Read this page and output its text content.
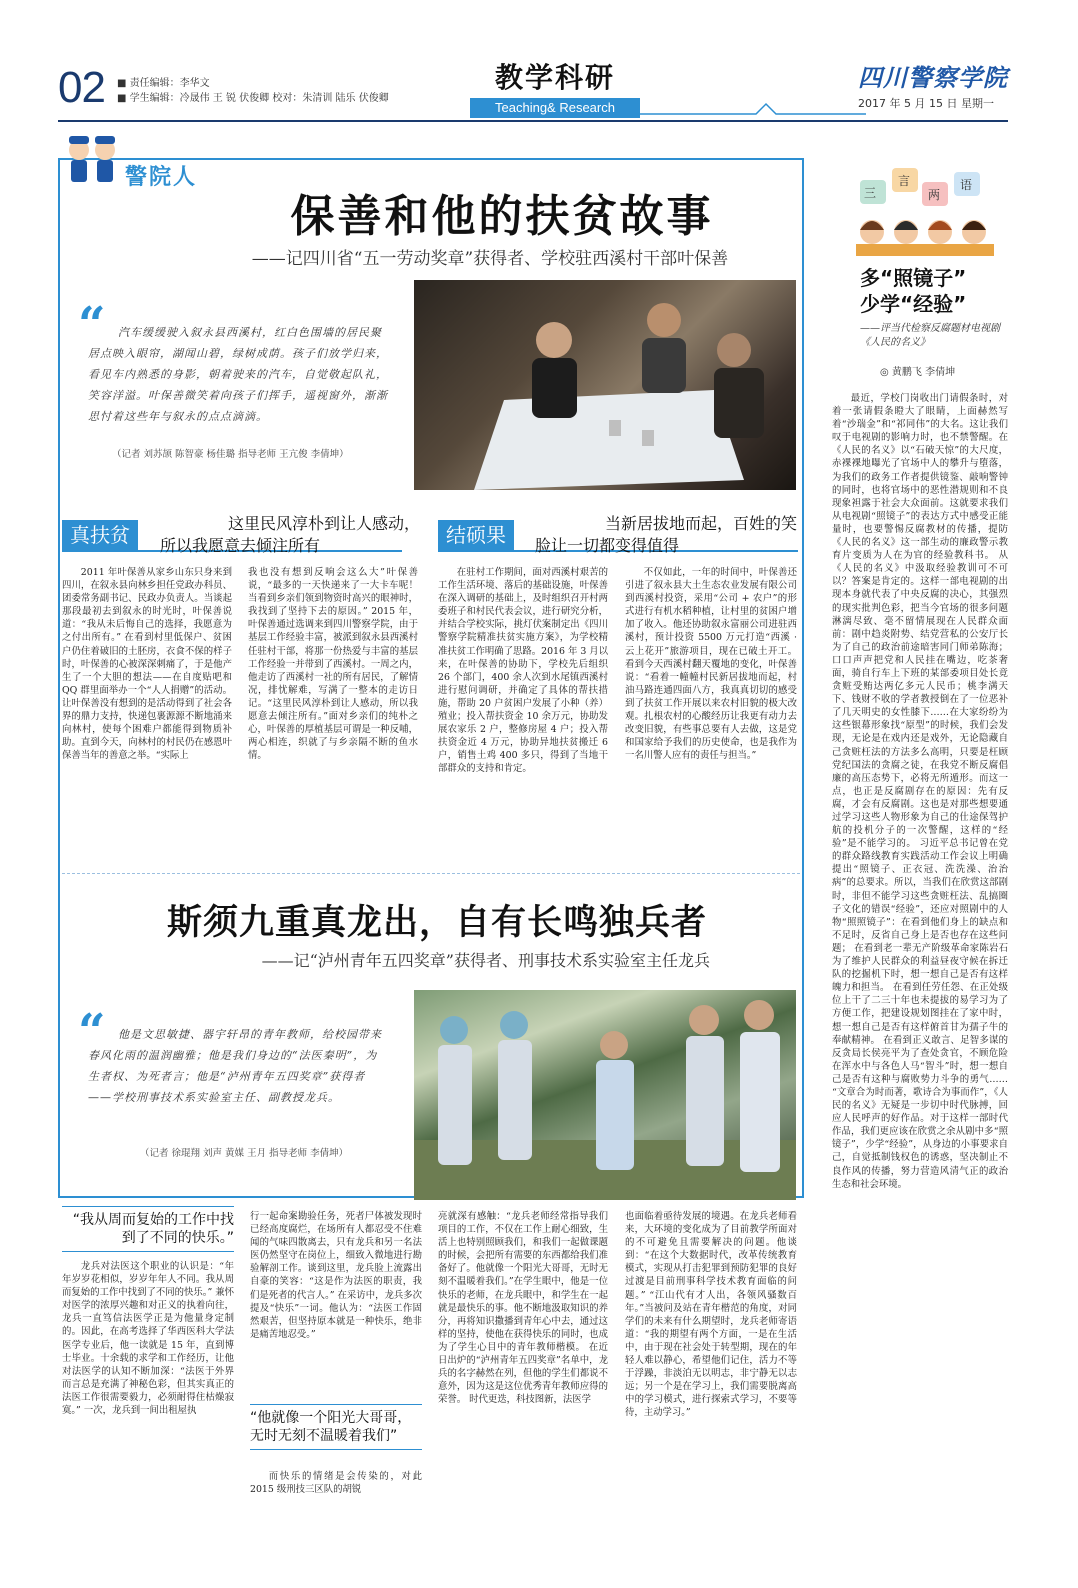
02 ■ 责任编辑：李华文
■ 学生编辑：冷晟伟 王 锐 伏俊卿 校对：朱清训 陆乐 伏俊卿
教学科研
Teaching& Research
四川警察学院
2017 年 5 月 15 日 星期一
警院人
保善和他的扶贫故事
——记四川省“五一劳动奖章”获得者、学校驻西溪村干部叶保善
“	汽车缓缓驶入叙永县西溪村，红白色围墙的居民聚居点映入眼帘，湖闻山碧，绿树成荫。孩子们放学归来，看见车内熟悉的身影，朝着驶来的汽车，自觉敬起队礼，笑容洋溢。叶保善微笑着向孩子们挥手，遥视窗外，渐渐思忖着这些年与叙永的点点滴滴。
（记者 刘苏颉 陈智豪 杨佳璐 指导老师 王亢俊 李倩坤）
真扶贫	这里民风淳朴到让人感动，
所以我愿意去倾注所有	结硕果	当新居拔地而起，百姓的笑
脸让一切都变得值得
2011 年叶保善从家乡山东只身来到四川，在叙永县向林乡担任党政办科员、团委常务副书记、民政办负责人。当谈起那段最初去到叙永的时光时，叶保善说道：“我从未后悔自己的选择，我愿意为之付出所有。” 在看到村里低保户、贫困户仍住着破旧的土胚房，衣食不保的样子时，叶保善的心被深深刺痛了，于是他产生了一个大胆的想法——在自度贴吧和 QQ 群里面举办一个“人人捐赠”的活动。让叶保善没有想到的是活动得到了社会各界的鼎力支持，快递包裹源源不断地涌来向林村，使每个困难户都能得到物质补助。直到今天，向林村的村民仍在感恩叶保善当年的善意之举。“实际上
我也没有想到反响会这么大”叶保善说，“最多的一天快递来了一大卡车呢！当看到乡亲们领到物资时高兴的眼神时，我找到了坚持下去的原因。” 2015 年，叶保善通过选调来到四川警察学院，由于基层工作经验丰富，被派到叙永县西溪村任驻村干部，将那一份热爱与丰富的基层工作经验一并带到了西溪村。一周之内，他走访了西溪村一社的所有居民，了解情况，排忧解难，写满了一整本的走访日记。“这里民风淳朴到让人感动，所以我愿意去倾注所有。”面对乡亲们的纯朴之心，叶保善的厚植基层可谓是一种反哺，两心相连，织就了与乡亲隔不断的鱼水情。
在驻村工作期间，面对西溪村艰苦的工作生活环境、落后的基础设施，叶保善在深入调研的基础上，及时组织召开村两委班子和村民代表会议，进行研究分析，并结合学校实际，挑灯伏案制定出《四川警察学院精准扶贫实施方案》，为学校精准扶贫工作明确了思路。2016 年 3 月以来，在叶保善的协助下，学校先后组织 26 个部门，400 余人次到水尾镇西溪村进行慰问调研，并确定了具体的帮扶措施，帮助 20 户贫困户发展了小种（养）殖业；投入帮扶资金 10 余万元，协助发展农家乐 2 户，整修房屋 4 户；投入帮扶资金近 4 万元，协助异地扶贫搬迁 6 户，销售土鸡 400 多只，得到了当地干部群众的支持和肯定。
不仅如此，一年的时间中，叶保善还引进了叙永县大土生态农业发展有限公司到西溪村投资，采用“公司 + 农户”的形式进行有机水稻种植，让村里的贫困户增加了收入。他还协助叙永富丽公司进驻西溪村，预计投资 5500 万元打造“西溪 · 云上花开”旅游项目，现在已破土开工。 看到今天西溪村翻天覆地的变化，叶保善说：“看着一幢幢村民新居拔地而起，村油马路连通四面八方，我真真切切的感受到了扶贫工作开展以来农村旧貌的极大改观。扎根农村的心酸经历让我更有动力去改变旧貌，有些事总要有人去做，这是党和国家给予我们的历史使命，也是我作为一名川警人应有的责任与担当。”
斯须九重真龙出，自有长鸣独兵者
——记“泸州青年五四奖章”获得者、刑事技术系实验室主任龙兵
“	他是文思敏捷、器宇轩昂的青年教师，给校园带来春风化雨的温润幽雅；他是我们身边的“法医秦明”，为生者权、为死者言；他是“泸州青年五四奖章”获得者——学校刑事技术系实验室主任、副教授龙兵。
（记者 徐琨翔 刘声 黄媒 王月 指导老师 李倩坤）
“我从周而复始的工作中找到了不同的快乐。”
龙兵对法医这个职业的认识是：“年年岁岁花相似，岁岁年年人不同。我从周而复始的工作中找到了不同的快乐。” 兼怀对医学的浓厚兴趣和对正义的执着向往，龙兵一直笃信法医学正是为他量身定制的。因此，在高考选择了华西医科大学法医学专业后，他一读就是 15 年，直到博士毕业。十余载的求学和工作经历，让他对法医学的认知不断加深：“法医于外界而言总是充满了神秘色彩，但其实真正的法医工作很需要毅力，必须耐得住枯燥寂寞。” 一次，龙兵到一间出租屋执
行一起命案勘验任务，死者尸体被发现时已经高度腐烂，在场所有人都忍受不住难闻的气味四散离去，只有龙兵和另一名法医仍然坚守在岗位上，细致入微地进行勘验解剖工作。谈到这里，龙兵脸上流露出自豪的笑容：“这是作为法医的职责，我们是死者的代言人。” 在采访中，龙兵多次提及“快乐”一词。他认为：“法医工作固然艰苦，但坚持原本就是一种快乐，绝非是痛苦地忍受。”
“他就像一个阳光大哥哥，无时无刻不温暖着我们”
而快乐的情绪是会传染的，对此 2015 级刑技三区队的胡锐
亮就深有感触：“龙兵老师经常指导我们项目的工作，不仅在工作上耐心细致，生活上也特别照顾我们，和我们一起做课题的时候，会把所有需要的东西都给我们准备好了。他就像一个阳光大哥哥，无时无刻不温暖着我们。”在学生眼中，他是一位快乐的老师，在龙兵眼中，和学生在一起就是最快乐的事。他不断地汲取知识的养分，再将知识撒播到青年心中去，通过这样的坚持，使他在获得快乐的同时，也成为了学生心目中的青年教师楷模。 在近日出炉的“泸州青年五四奖章”名单中，龙兵的名字赫然在列，但他的学生们都说不意外，因为这是这位优秀青年教师应得的荣誉。 时代更迭，科技图新，法医学
也面临着亟待发展的境遇。在龙兵老师看来，大环境的变化成为了目前教学所面对的不可避免且需要解决的问题。他谈到：“在这个大数据时代，改革传统教育模式，实现从打击犯罪到预防犯罪的良好过渡是目前刑事科学技术教育面临的问题。” “江山代有才人出，各领风骚数百年。”当被问及站在青年楷范的角度，对同学们的未来有什么期望时，龙兵老师寄语道：“我的期望有两个方面，一是在生活中，由于现在社会处于转型期，现在的年轻人难以静心，希望他们记住，活力不等于浮躁，非淡泊无以明志，非宁静无以志远；另一个是在学习上，我们需要脱离高中的学习模式，进行探索式学习，不要等待，主动学习。”
三
言
两
语
多“照镜子”
少学“经验”
——评当代检察反腐题材电视剧《人民的名义》
◎ 黄鹏飞 李倩坤
最近，学校门岗收出门请假条时，对着一张请假条瞪大了眼睛，上面赫然写着“沙瑞金”和“祁同伟”的大名。这让我们叹于电视剧的影响力时，也不禁警醒。在《人民的名义》以“石破天惊”的大尺度，赤裸裸地曝光了官场中人的攀升与堕落，为我们的政务工作者提供镜鉴、敲响警钟的同时，也将官场中的恶性潜规则和不良现象袒露于社会大众面前。这就要求我们从电视剧“照镜子”的表达方式中感受正能量时，也要警惕反腐教材的传播，提防《人民的名义》这一部生动的廉政警示教育片变质为人在为官的经验教科书。 从《人民的名义》中汲取经验教训可不可以？答案是肯定的。这样一部电视剧的出现本身就代表了中央反腐的决心，其强烈的现实批判色彩，把当今官场的很多问题淋漓尽致、毫不留情展现在人民群众面前：剧中趋炎附势、结党营私的公安厅长为了自己的政治前途暗害同门师弟陈海；口口声声把党和人民挂在嘴边，吃茶奢面，骑自行车上下班的某部委项目处长竟贪赃受贿达两亿多元人民币；桃李满天下、钱财不收的学者教授倒在了一位恶补了几天明史的女性膝下……在大家纷纷为这些银幕形象找“原型”的时候，我们会发现，无论是在戏内还是戏外，无论隐藏自己贪赃枉法的方法多么高明，只要是枉顾党纪国法的贪腐之徒，在我党不断反腐倡廉的高压态势下，必将无所遁形。而这一点，也正是反腐剧存在的原因：先有反腐，才会有反腐剧。这也是对那些想要通过学习这些人物形象为自己的仕途保驾护航的投机分子的一次警醒，这样的“经验”是不能学习的。 习近平总书记曾在党的群众路线教育实践活动工作会议上明确提出“照镜子、正衣冠、洗洗澡、治治病”的总要求。所以，当我们在欣赏这部剧时，非但不能学习这些贪赃枉法、乱搞圈子文化的错误“经验”，还应对照剧中的人物“照照镜子”：在看到他们身上的缺点和不足时，反省自己身上是否也存在这些问题； 在看到老一辈无产阶级革命家陈岩石为了维护人民群众的利益昼夜守候在拆迁队的挖掘机下时，想一想自己是否有这样魄力和担当。 在看到任劳任怨、在正处级位上干了二三十年也未提拔的易学习为了方便工作，把建设规划图挂在了家中时，想一想自己是否有这样俯首甘为孺子牛的奉献精神。 在看到正义敢言、足智多谋的反贪局长侯亮平为了查处贪官，不顾危险在浑水中与各色人马“智斗”时，想一想自己是否有这种与腐败势力斗争的勇气…… “文章合为时而著，歌诗合为事而作”，《人民的名义》无疑是一步切中时代脉搏，回应人民呼声的好作品。对于这样一部时代作品，我们更应该在欣赏之余从剧中多“照镜子”，少学“经验”，从身边的小事要求自己，自觉抵制钱权色的诱惑，坚决制止不良作风的传播，努力营造风清气正的政治生态和社会环境。
